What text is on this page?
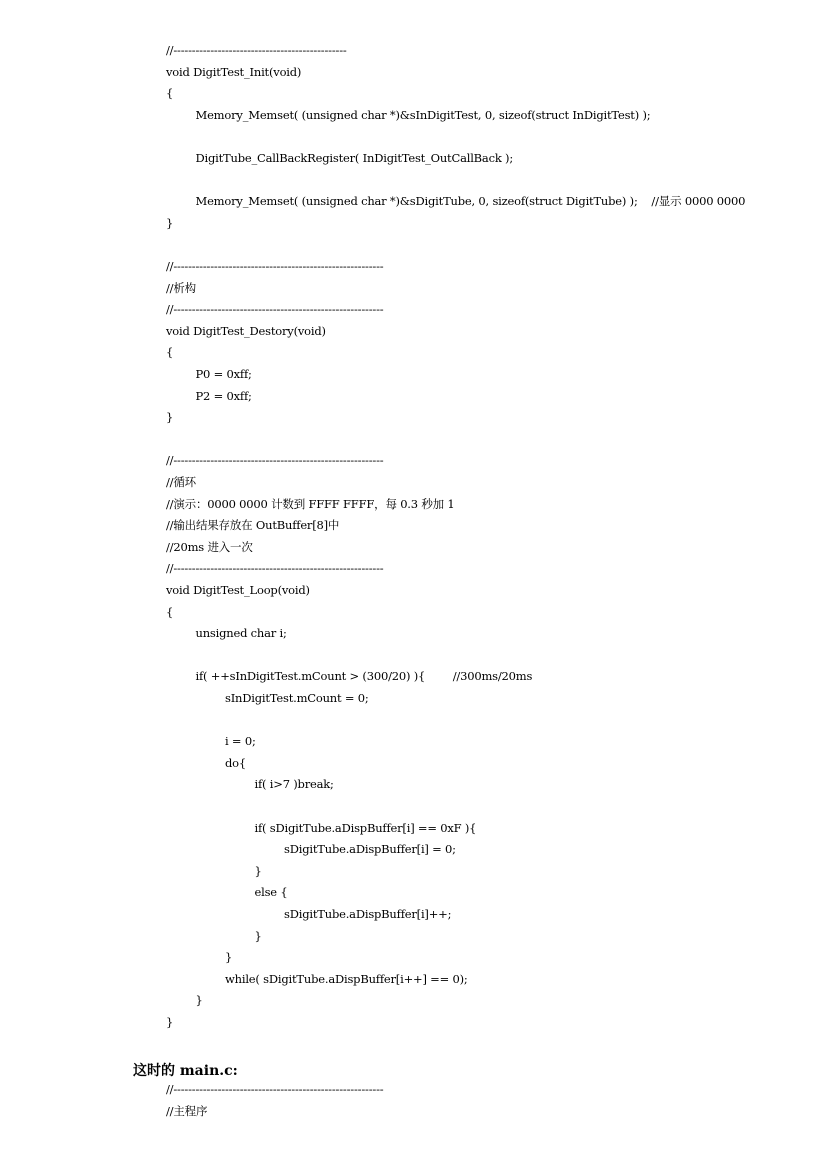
//-----------------------------------------------
void DigitTest_Init(void)
{
Memory_Memset( (unsigned char *)&sInDigitTest, 0, sizeof(struct InDigitTest) );
DigitTube_CallBackRegister( InDigitTest_OutCallBack );
Memory_Memset( (unsigned char *)&sDigitTube, 0, sizeof(struct DigitTube) );    //显示 0000 0000
}
//---------------------------------------------------------
//析构
//---------------------------------------------------------
void DigitTest_Destory(void)
{
P0 = 0xff;
P2 = 0xff;
}
//---------------------------------------------------------
//循环
//演示：0000 0000 计数到 FFFF FFFF，每 0.3 秒加 1
//输出结果存放在 OutBuffer[8]中
//20ms 进入一次
//---------------------------------------------------------
void DigitTest_Loop(void)
{
unsigned char i;
if( ++sInDigitTest.mCount > (300/20) ){        //300ms/20ms
sInDigitTest.mCount = 0;
i = 0;
do{
if( i>7 )break;
if( sDigitTube.aDispBuffer[i] == 0xF ){
sDigitTube.aDispBuffer[i] = 0;
}
else {
sDigitTube.aDispBuffer[i]++;
}
}
while( sDigitTube.aDispBuffer[i++] == 0);
}
}
这时的 main.c:
//---------------------------------------------------------
//主程序
